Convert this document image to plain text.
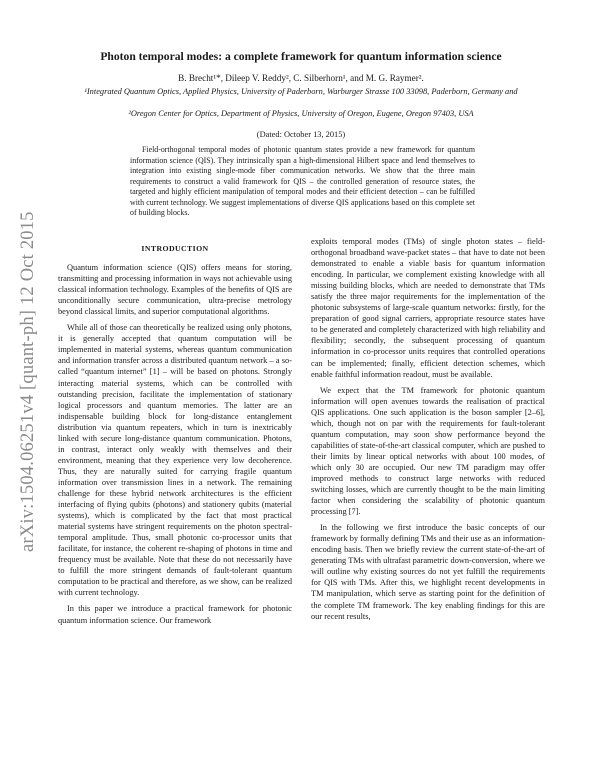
arXiv:1504.06251v4 [quant-ph] 12 Oct 2015
Photon temporal modes: a complete framework for quantum information science
B. Brecht¹*, Dileep V. Reddy², C. Silberhorn¹, and M. G. Raymer².
¹Integrated Quantum Optics, Applied Physics, University of Paderborn, Warburger Strasse 100 33098, Paderborn, Germany and
²Oregon Center for Optics, Department of Physics, University of Oregon, Eugene, Oregon 97403, USA
(Dated: October 13, 2015)
Field-orthogonal temporal modes of photonic quantum states provide a new framework for quantum information science (QIS). They intrinsically span a high-dimensional Hilbert space and lend themselves to integration into existing single-mode fiber communication networks. We show that the three main requirements to construct a valid framework for QIS – the controlled generation of resource states, the targeted and highly efficient manipulation of temporal modes and their efficient detection – can be fulfilled with current technology. We suggest implementations of diverse QIS applications based on this complete set of building blocks.
INTRODUCTION

Quantum information science (QIS) offers means for storing, transmitting and processing information in ways not achievable using classical information technology. Examples of the benefits of QIS are unconditionally secure communication, ultra-precise metrology beyond classical limits, and superior computational algorithms.

While all of those can theoretically be realized using only photons, it is generally accepted that quantum computation will be implemented in material systems, whereas quantum communication and information transfer across a distributed quantum network – a so-called “quantum internet” [1] – will be based on photons. Strongly interacting material systems, which can be controlled with outstanding precision, facilitate the implementation of stationary logical processors and quantum memories. The latter are an indispensable building block for long-distance entanglement distribution via quantum repeaters, which in turn is inextricably linked with secure long-distance quantum communication. Photons, in contrast, interact only weakly with themselves and their environment, meaning that they experience very low decoherence. Thus, they are naturally suited for carrying fragile quantum information over transmission lines in a network. The remaining challenge for these hybrid network architectures is the efficient interfacing of flying qubits (photons) and stationery qubits (material systems), which is complicated by the fact that most practical material systems have stringent requirements on the photon spectral-temporal amplitude. Thus, small photonic co-processor units that facilitate, for instance, the coherent re-shaping of photons in time and frequency must be available. Note that these do not necessarily have to fulfill the more stringent demands of fault-tolerant quantum computation to be practical and therefore, as we show, can be realized with current technology.

In this paper we introduce a practical framework for photonic quantum information science. Our framework

exploits temporal modes (TMs) of single photon states – field-orthogonal broadband wave-packet states – that have to date not been demonstrated to enable a viable basis for quantum information encoding. In particular, we complement existing knowledge with all missing building blocks, which are needed to demonstrate that TMs satisfy the three major requirements for the implementation of the photonic subsystems of large-scale quantum networks: firstly, for the preparation of good signal carriers, appropriate resource states have to be generated and completely characterized with high reliability and flexibility; secondly, the subsequent processing of quantum information in co-processor units requires that controlled operations can be implemented; finally, efficient detection schemes, which enable faithful information readout, must be available.

We expect that the TM framework for photonic quantum information will open avenues towards the realisation of practical QIS applications. One such application is the boson sampler [2–6], which, though not on par with the requirements for fault-tolerant quantum computation, may soon show performance beyond the capabilities of state-of-the-art classical computer, which are pushed to their limits by linear optical networks with about 100 modes, of which only 30 are occupied. Our new TM paradigm may offer improved methods to construct large networks with reduced switching losses, which are currently thought to be the main limiting factor when considering the scalability of photonic quantum processing [7].

In the following we first introduce the basic concepts of our framework by formally defining TMs and their use as an information-encoding basis. Then we briefly review the current state-of-the-art of generating TMs with ultrafast parametric down-conversion, where we will outline why existing sources do not yet fulfill the requirements for QIS with TMs. After this, we highlight recent developments in TM manipulation, which serve as starting point for the definition of the complete TM framework. The key enabling findings for this are our recent results,
